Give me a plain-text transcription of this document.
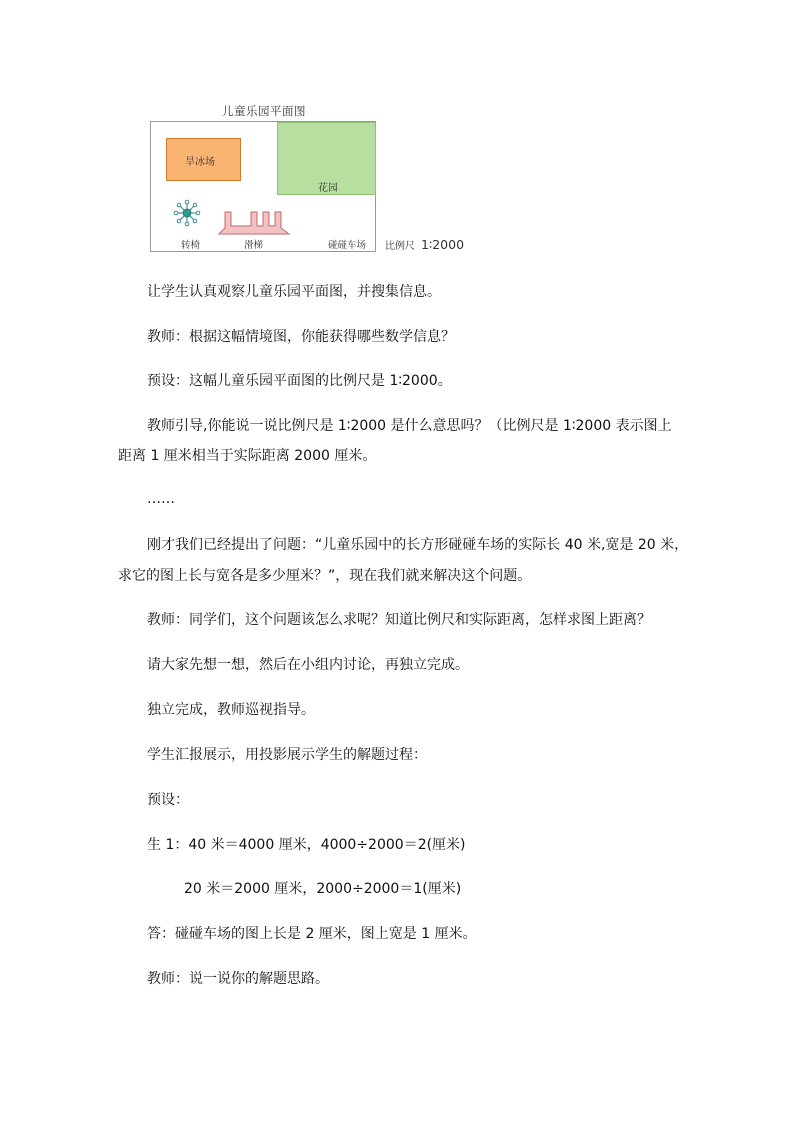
儿童乐园平面图
旱冰场
花园
转椅	滑梯	碰碰车场 比例尺 1∶2000
让学生认真观察儿童乐园平面图，并搜集信息。
教师：根据这幅情境图，你能获得哪些数学信息？
预设：这幅儿童乐园平面图的比例尺是 1∶2000。
教师引导,你能说一说比例尺是 1∶2000 是什么意思吗？（比例尺是 1∶2000 表示图上
距离 1 厘米相当于实际距离 2000 厘米。
……
刚才我们已经提出了问题：“儿童乐园中的长方形碰碰车场的实际长 40 米,宽是 20 米，
求它的图上长与宽各是多少厘米？”，现在我们就来解决这个问题。
教师：同学们，这个问题该怎么求呢？知道比例尺和实际距离，怎样求图上距离？
请大家先想一想，然后在小组内讨论，再独立完成。
独立完成，教师巡视指导。
学生汇报展示，用投影展示学生的解题过程：
预设：
生 1：40 米＝4000 厘米，4000÷2000＝2(厘米)
20 米＝2000 厘米，2000÷2000＝1(厘米)
答：碰碰车场的图上长是 2 厘米，图上宽是 1 厘米。
教师：说一说你的解题思路。
